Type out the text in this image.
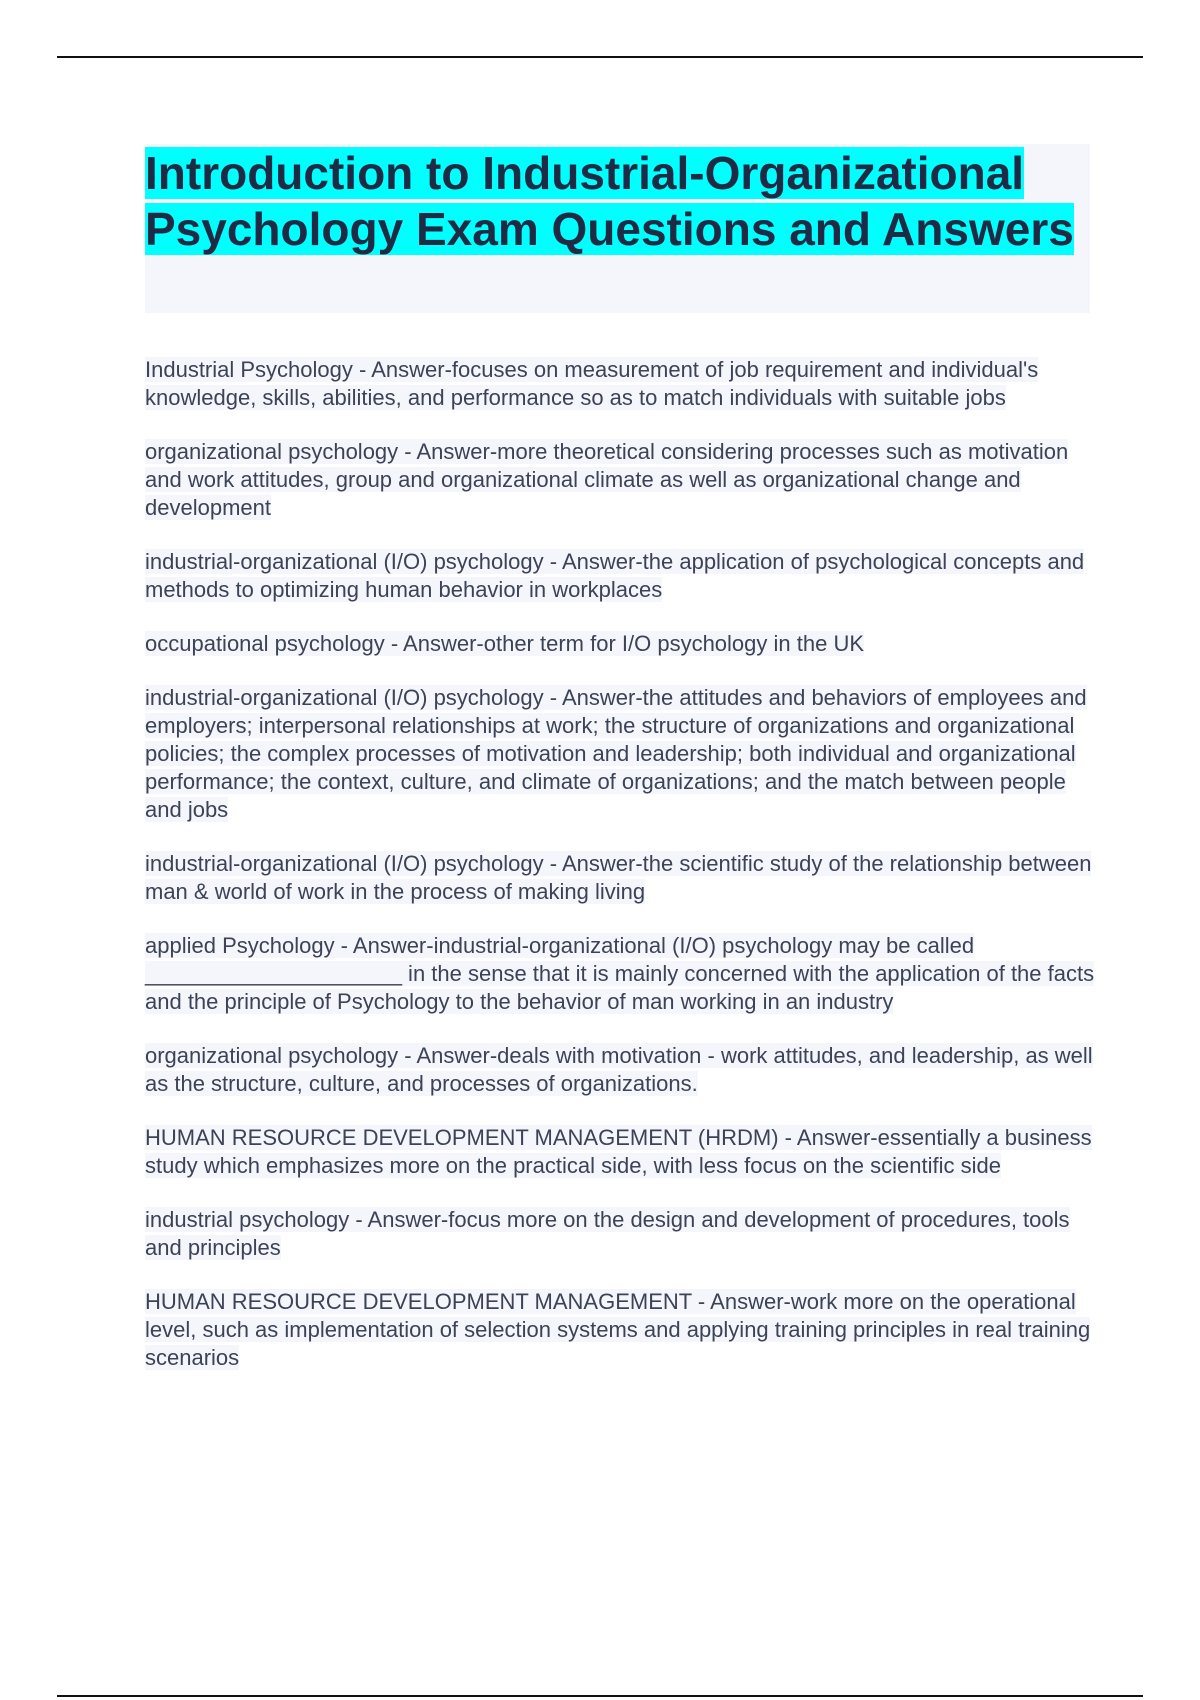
Introduction to Industrial-Organizational Psychology Exam Questions and Answers
Industrial Psychology - Answer-focuses on measurement of job requirement and individual's knowledge, skills, abilities, and performance so as to match individuals with suitable jobs
organizational psychology - Answer-more theoretical considering processes such as motivation and work attitudes, group and organizational climate as well as organizational change and development
industrial-organizational (I/O) psychology - Answer-the application of psychological concepts and methods to optimizing human behavior in workplaces
occupational psychology - Answer-other term for I/O psychology in the UK
industrial-organizational (I/O) psychology - Answer-the attitudes and behaviors of employees and employers; interpersonal relationships at work; the structure of organizations and organizational policies; the complex processes of motivation and leadership; both individual and organizational performance; the context, culture, and climate of organizations; and the match between people and jobs
industrial-organizational (I/O) psychology - Answer-the scientific study of the relationship between man & world of work in the process of making living
applied Psychology - Answer-industrial-organizational (I/O) psychology may be called _____________________ in the sense that it is mainly concerned with the application of the facts and the principle of Psychology to the behavior of man working in an industry
organizational psychology - Answer-deals with motivation - work attitudes, and leadership, as well as the structure, culture, and processes of organizations.
HUMAN RESOURCE DEVELOPMENT MANAGEMENT (HRDM) - Answer-essentially a business study which emphasizes more on the practical side, with less focus on the scientific side
industrial psychology - Answer-focus more on the design and development of procedures, tools and principles
HUMAN RESOURCE DEVELOPMENT MANAGEMENT - Answer-work more on the operational level, such as implementation of selection systems and applying training principles in real training scenarios
